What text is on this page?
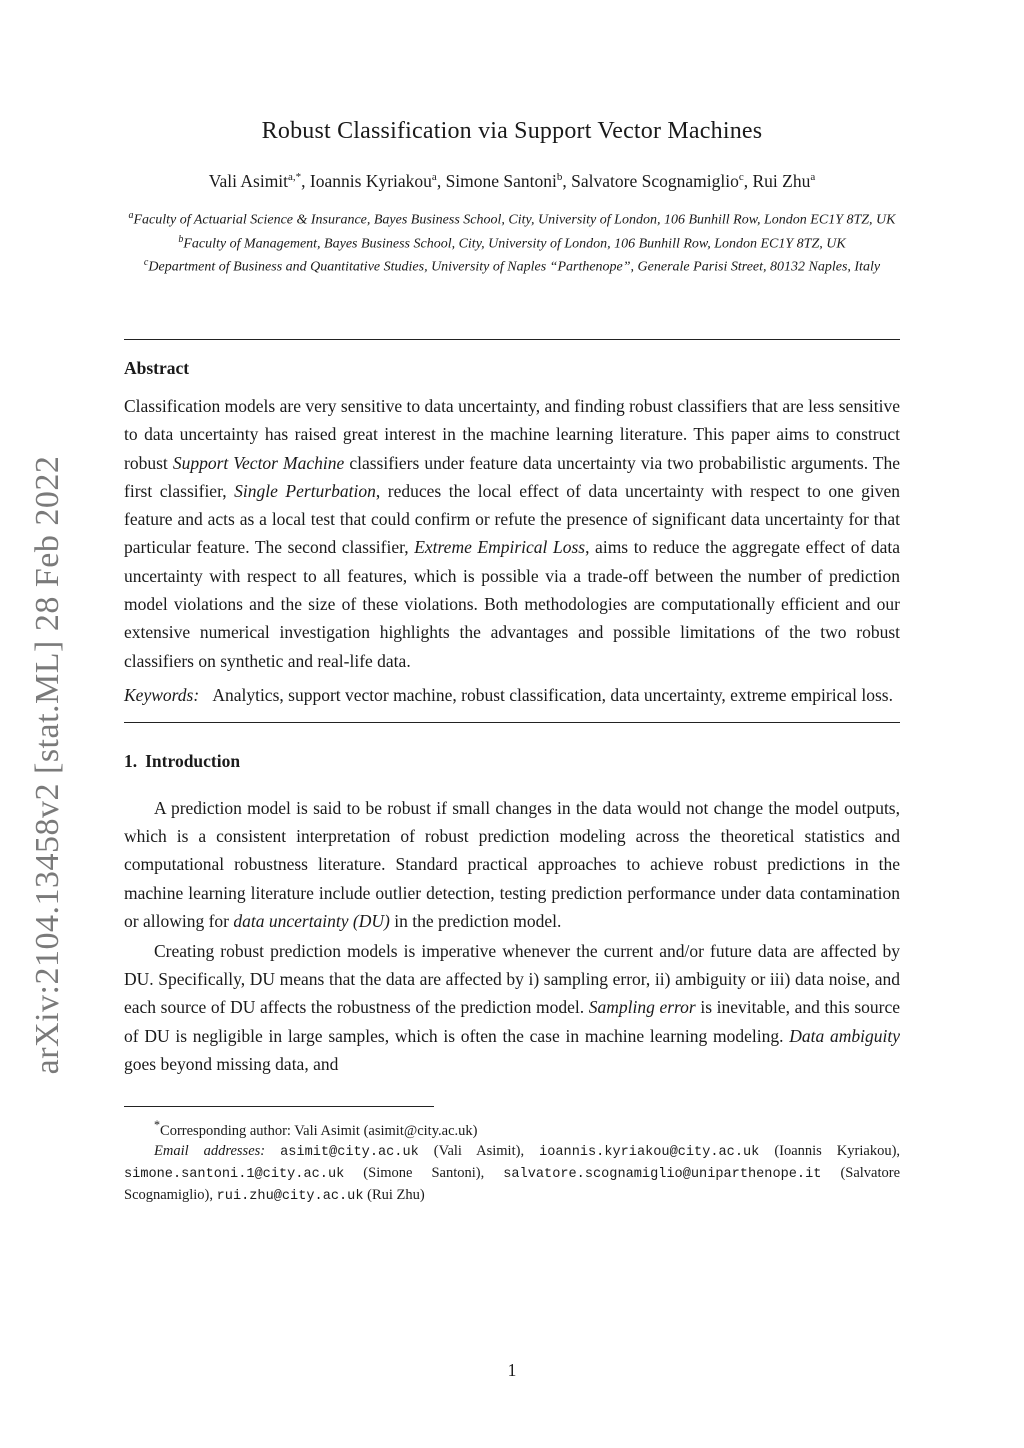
arXiv:2104.13458v2 [stat.ML] 28 Feb 2022
Robust Classification via Support Vector Machines
Vali Asimit$^{a,*}$, Ioannis Kyriakou$^a$, Simone Santoni$^b$, Salvatore Scognamiglio$^c$, Rui Zhu$^a$
$^a$Faculty of Actuarial Science & Insurance, Bayes Business School, City, University of London, 106 Bunhill Row, London EC1Y 8TZ, UK
$^b$Faculty of Management, Bayes Business School, City, University of London, 106 Bunhill Row, London EC1Y 8TZ, UK
$^c$Department of Business and Quantitative Studies, University of Naples “Parthenope”, Generale Parisi Street, 80132 Naples, Italy
Abstract
Classification models are very sensitive to data uncertainty, and finding robust classifiers that are less sensitive to data uncertainty has raised great interest in the machine learning literature. This paper aims to construct robust Support Vector Machine classifiers under feature data uncertainty via two probabilistic arguments. The first classifier, Single Perturbation, reduces the local effect of data uncertainty with respect to one given feature and acts as a local test that could confirm or refute the presence of significant data uncertainty for that particular feature. The second classifier, Extreme Empirical Loss, aims to reduce the aggregate effect of data uncertainty with respect to all features, which is possible via a trade-off between the number of prediction model violations and the size of these violations. Both methodologies are computationally efficient and our extensive numerical investigation highlights the advantages and possible limitations of the two robust classifiers on synthetic and real-life data.
Keywords: Analytics, support vector machine, robust classification, data uncertainty, extreme empirical loss.
1. Introduction

A prediction model is said to be robust if small changes in the data would not change the model outputs, which is a consistent interpretation of robust prediction modeling across the theoretical statistics and computational robustness literature. Standard practical approaches to achieve robust predictions in the machine learning literature include outlier detection, testing prediction performance under data contamination or allowing for data uncertainty (DU) in the prediction model.

Creating robust prediction models is imperative whenever the current and/or future data are affected by DU. Specifically, DU means that the data are affected by i) sampling error, ii) ambiguity or iii) data noise, and each source of DU affects the robustness of the prediction model. Sampling error is inevitable, and this source of DU is negligible in large samples, which is often the case in machine learning modeling. Data ambiguity goes beyond missing data, and

*Corresponding author: Vali Asimit (asimit@city.ac.uk)

Email addresses: asimit@city.ac.uk (Vali Asimit), ioannis.kyriakou@city.ac.uk (Ioannis Kyriakou), simone.santoni.1@city.ac.uk (Simone Santoni), salvatore.scognamiglio@uniparthenope.it (Salvatore Scognamiglio), rui.zhu@city.ac.uk (Rui Zhu)

1
